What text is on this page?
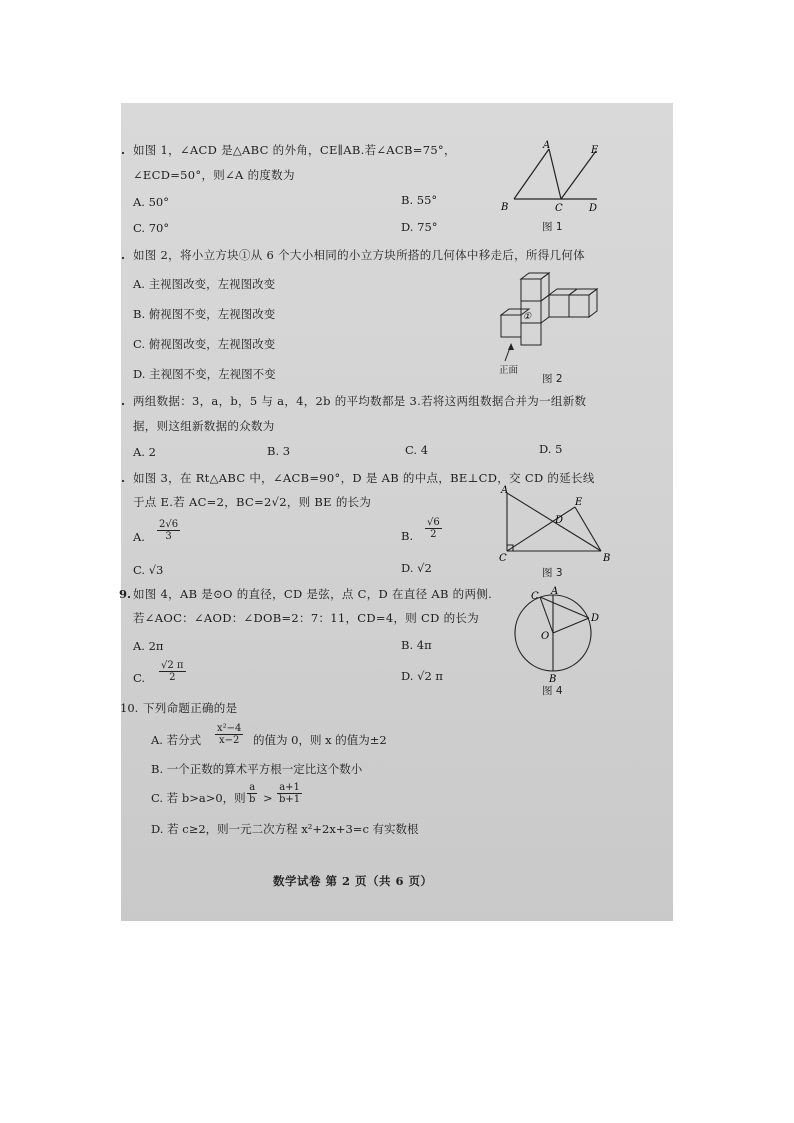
. 如图 1，∠ACD 是△ABC 的外角，CE∥AB.若∠ACB=75°，
∠ECD=50°，则∠A 的度数为
A. 50°	B. 55°
C. 70°	D. 75°
A	E
B	C	D
图 1
. 如图 2，将小立方块①从 6 个大小相同的小立方块所搭的几何体中移走后，所得几何体
A. 主视图改变，左视图改变
B. 俯视图不变，左视图改变
C. 俯视图改变，左视图改变
D. 主视图不变，左视图不变
①
正面
图 2
. 两组数据：3，a，b，5 与 a，4，2b 的平均数都是 3.若将这两组数据合并为一组新数
据，则这组新数据的众数为
A. 2	B. 3	C. 4	D. 5
. 如图 3，在 Rt△ABC 中，∠ACB=90°，D 是 AB 的中点，BE⊥CD，交 CD 的延长线
于点 E.若 AC=2，BC=2√2，则 BE 的长为
A. $\frac{2√6}{3}$	B. $\frac{√6}{2}$
C. √3	D. √2
A
C	B
D
E
图 3
9. 如图 4，AB 是⊙O 的直径，CD 是弦，点 C，D 在直径 AB 的两侧.
若∠AOC：∠AOD：∠DOB=2：7：11，CD=4，则 CD 的长为
A. 2π	B. 4π
C. $\frac{√2 \pi}{2}$	D. √2 π
A
C
D
O
B
图 4
10. 下列命题正确的是
A. 若分式 $\frac{\text{x²−4}}{x-2}$ 的值为 0，则 x 的值为±2
B. 一个正数的算术平方根一定比这个数小
C. 若 b>a>0，则 $\frac{a}{b} > \frac{a+1}{b+1}$
D. 若 c≥2，则一元二次方程 x²+2x+3=c 有实数根
数学试卷 第 2 页（共 6 页）
